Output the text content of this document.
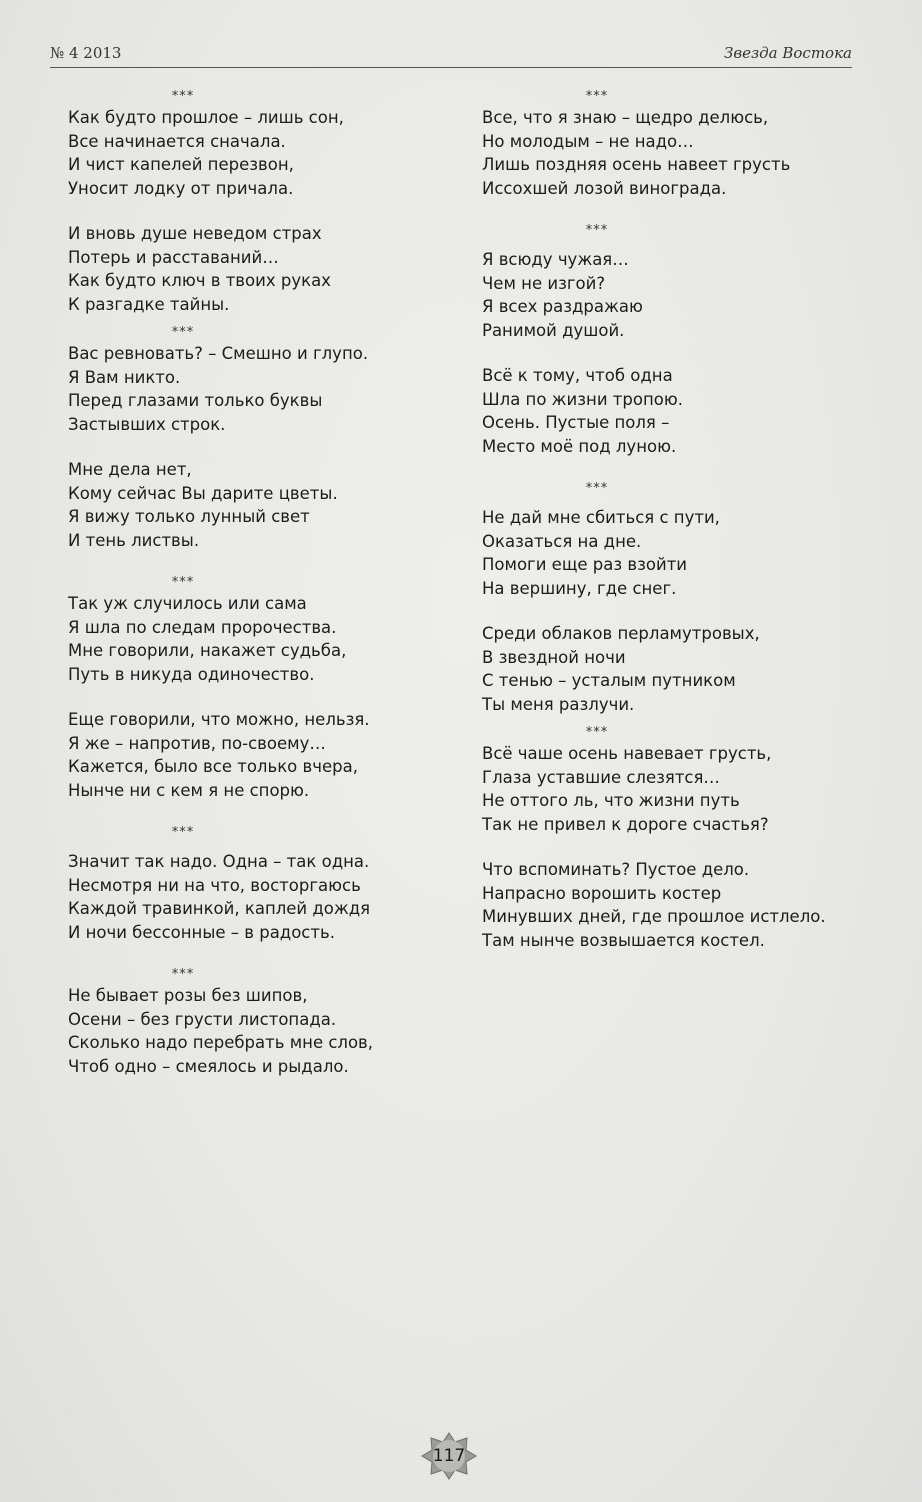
№ 4 2013	Звезда Востока
***
Как будто прошлое – лишь сон,
Все начинается сначала.
И чист капелей перезвон,
Уносит лодку от причала.
И вновь душе неведом страх
Потерь и расставаний…
Как будто ключ в твоих руках
К разгадке тайны.
***
Вас ревновать? – Смешно и глупо.
Я Вам никто.
Перед глазами только буквы
Застывших строк.
Мне дела нет,
Кому сейчас Вы дарите цветы.
Я вижу только лунный свет
И тень листвы.
***
Так уж случилось или сама
Я шла по следам пророчества.
Мне говорили, накажет судьба,
Путь в никуда одиночество.
Еще говорили, что можно, нельзя.
Я же – напротив, по-своему…
Кажется, было все только вчера,
Нынче ни с кем я не спорю.
***
Значит так надо. Одна – так одна.
Несмотря ни на что, восторгаюсь
Каждой травинкой, каплей дождя
И ночи бессонные – в радость.
***
Не бывает розы без шипов,
Осени – без грусти листопада.
Сколько надо перебрать мне слов,
Чтоб одно – смеялось и рыдало.
***
Все, что я знаю – щедро делюсь,
Но молодым – не надо…
Лишь поздняя осень навеет грусть
Иссохшей лозой винограда.
***
Я всюду чужая…
Чем не изгой?
Я всех раздражаю
Ранимой душой.
Всё к тому, чтоб одна
Шла по жизни тропою.
Осень. Пустые поля –
Место моё под луною.
***
Не дай мне сбиться с пути,
Оказаться на дне.
Помоги еще раз взойти
На вершину, где снег.
Среди облаков перламутровых,
В звездной ночи
С тенью – усталым путником
Ты меня разлучи.
***
Всё чаше осень навевает грусть,
Глаза уставшие слезятся…
Не оттого ль, что жизни путь
Так не привел к дороге счастья?
Что вспоминать? Пустое дело.
Напрасно ворошить костер
Минувших дней, где прошлое истлело.
Там нынче возвышается костел.
117
